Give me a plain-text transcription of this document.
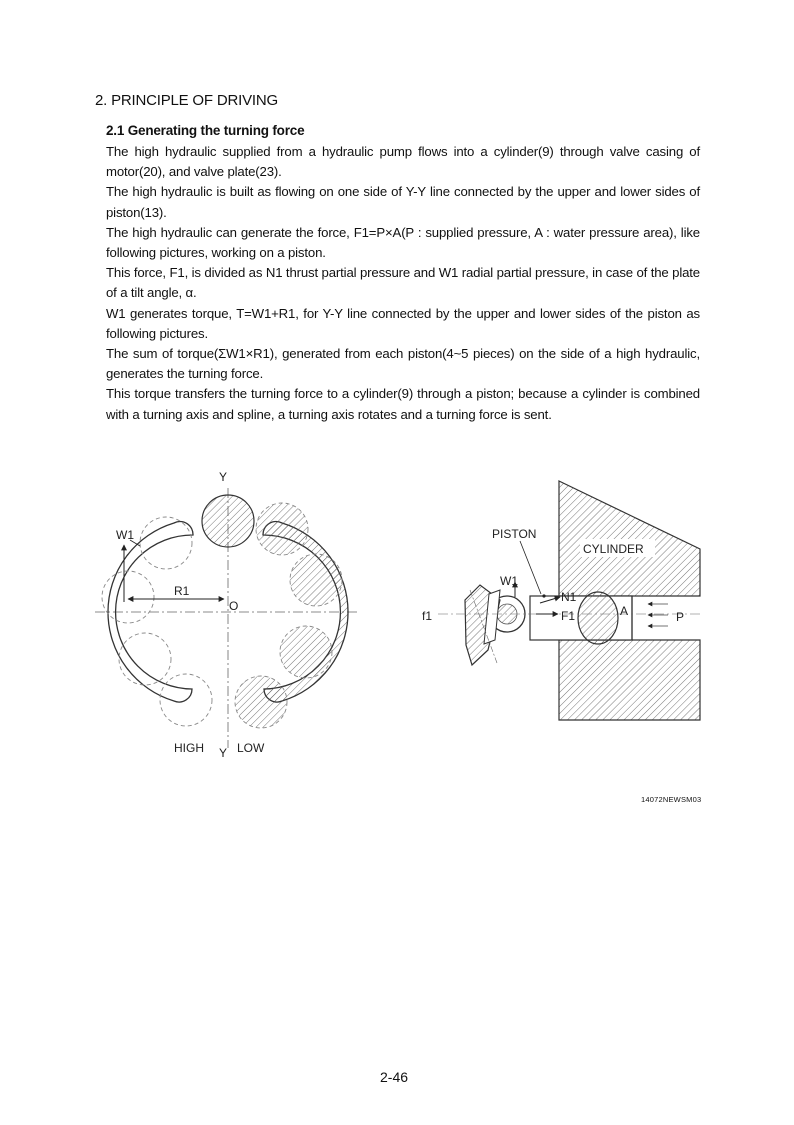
2. PRINCIPLE OF DRIVING
2.1 Generating the turning force

The high hydraulic supplied from a hydraulic pump flows into a cylinder(9) through valve casing of motor(20), and valve plate(23).

The high hydraulic is built as flowing on one side of Y-Y line connected by the upper and lower sides of piston(13).

The high hydraulic can generate the force, F1=P×A(P : supplied pressure, A : water pressure area), like following pictures, working on a piston.

This force, F1, is divided as N1 thrust partial pressure and W1 radial partial pressure, in case of the plate of a tilt angle, α.

W1 generates torque, T=W1+R1, for Y-Y line connected by the upper and lower sides of the piston as following pictures.

The sum of torque(ΣW1×R1), generated from each piston(4~5 pieces) on the side of a high hydraulic, generates the turning force.

This torque transfers the turning force to a cylinder(9) through a piston; because a cylinder is combined with a turning axis and spline, a turning axis rotates and a turning force is sent.

Y
W1
R1
O
HIGH Y LOW
PISTON
CYLINDER
W1
N1
F1
f1	A	P
14072NEWSM03
2-46
